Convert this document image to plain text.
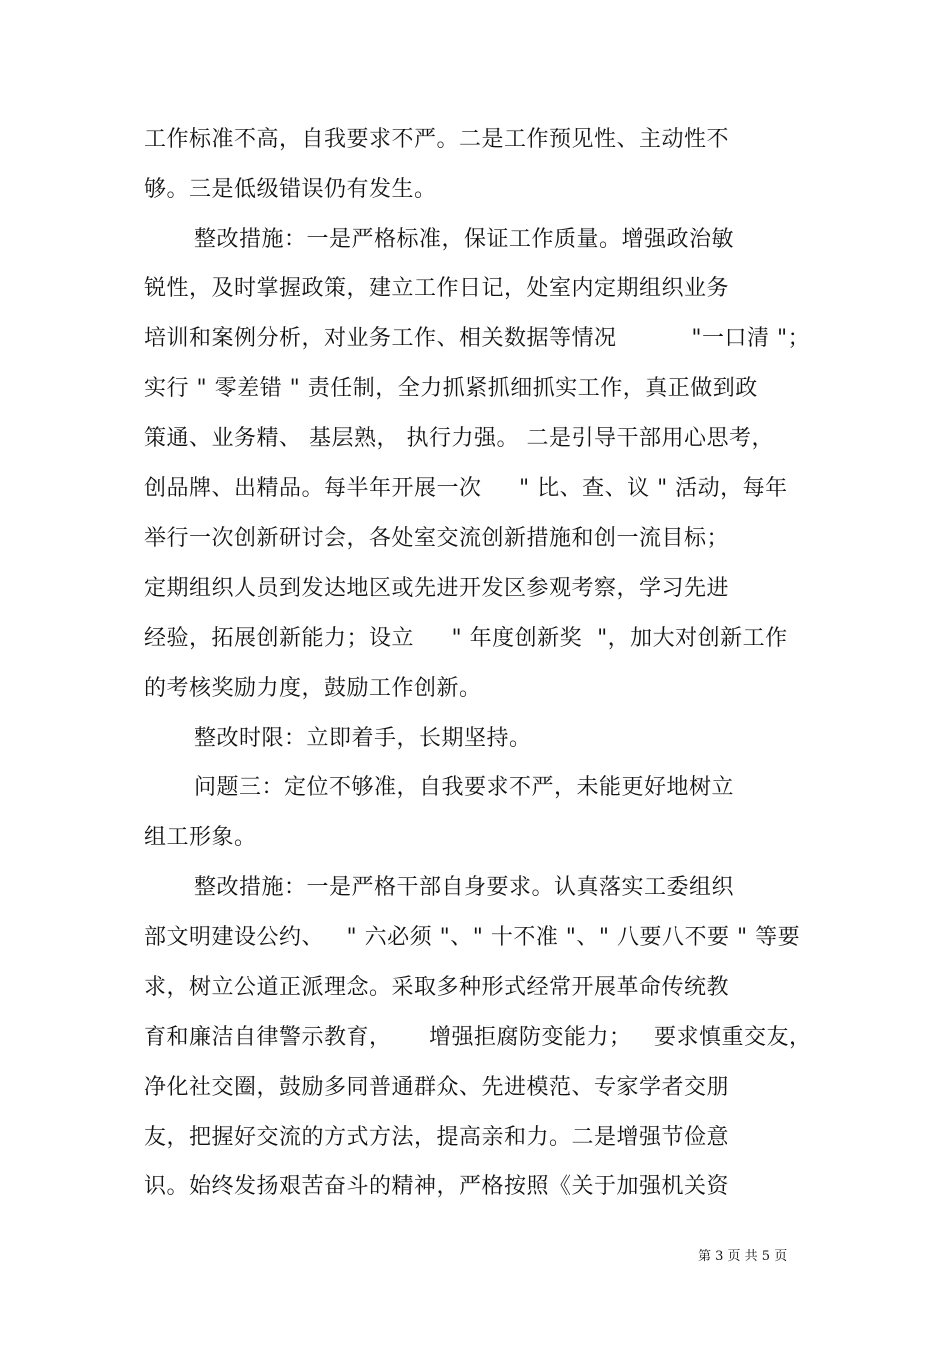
工作标准不高，自我要求不严。二是工作预见性、主动性不
够。三是低级错误仍有发生。
整改措施：一是严格标准，保证工作质量。增强政治敏
锐性，及时掌握政策，建立工作日记，处室内定期组织业务
培训和案例分析，对业务工作、相关数据等情况          "一口清 "；
实行 " 零差错 " 责任制，全力抓紧抓细抓实工作，真正做到政
策通、业务精、 基层熟， 执行力强。 二是引导干部用心思考，
创品牌、出精品。每半年开展一次     " 比、查、议 " 活动，每年
举行一次创新研讨会，各处室交流创新措施和创一流目标；
定期组织人员到发达地区或先进开发区参观考察，学习先进
经验，拓展创新能力；设立     " 年度创新奖  "，加大对创新工作
的考核奖励力度，鼓励工作创新。
整改时限：立即着手，长期坚持。
问题三：定位不够准，自我要求不严，未能更好地树立
组工形象。
整改措施：一是严格干部自身要求。认真落实工委组织
部文明建设公约、   " 六必须 "、" 十不准 "、" 八要八不要 " 等要
求，树立公道正派理念。采取多种形式经常开展革命传统教
育和廉洁自律警示教育，     增强拒腐防变能力；   要求慎重交友，
净化社交圈，鼓励多同普通群众、先进模范、专家学者交朋
友，把握好交流的方式方法，提高亲和力。二是增强节俭意
识。始终发扬艰苦奋斗的精神，严格按照《关于加强机关资
第 3 页 共 5 页
